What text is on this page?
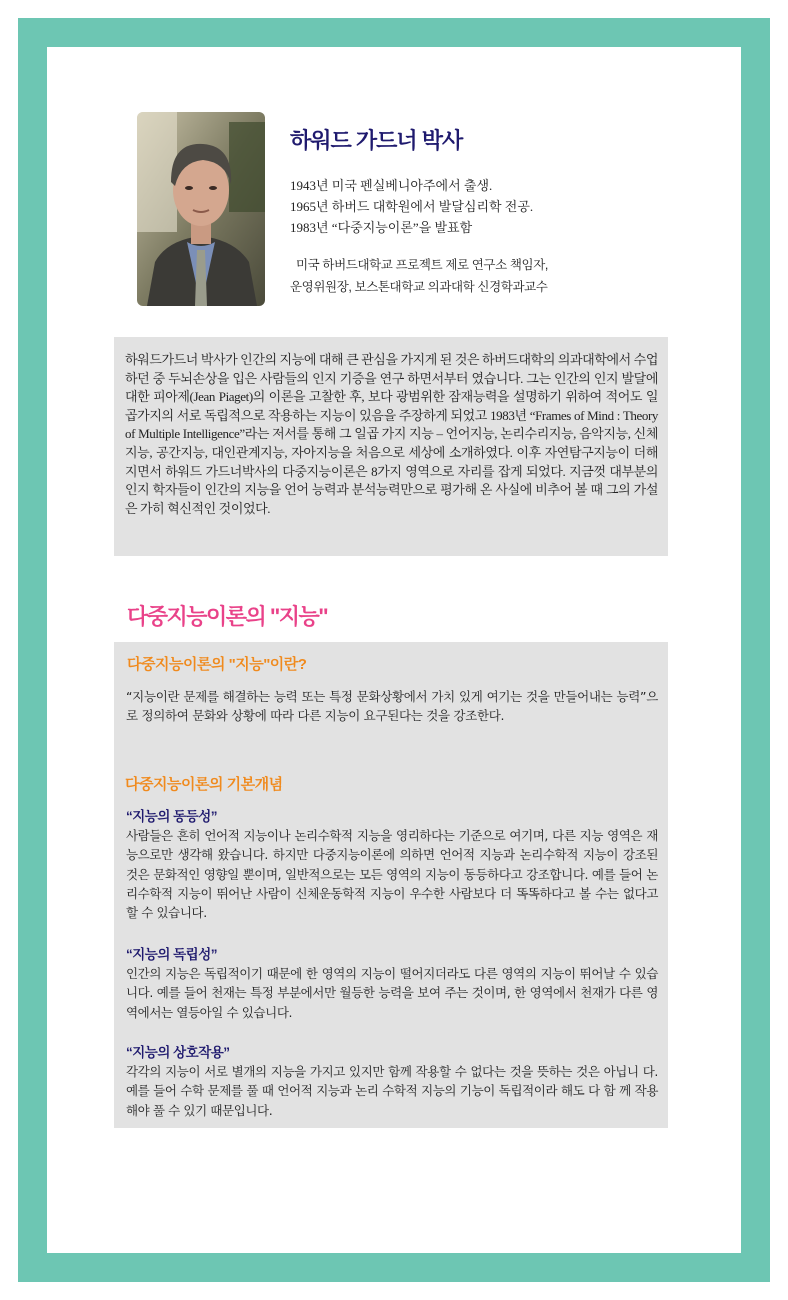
하워드 가드너 박사
1943년 미국 펜실베니아주에서 출생.
1965년 하버드 대학원에서 발달심리학 전공.
1983년 “다중지능이론”을 발표함
미국 하버드대학교 프로젝트 제로 연구소 책임자,
운영위원장, 보스톤대학교 의과대학 신경학과교수

하워드가드너 박사가 인간의 지능에 대해 큰 관심을 가지게 된 것은 하버드대학의 의과대학에서 수업하던 중 두뇌손상을 입은 사람들의 인지 기증을 연구 하면서부터 였습니다. 그는 인간의 인지 발달에 대한 피아제(Jean Piaget)의 이론을 고찰한 후, 보다 광범위한 잠재능력을 설명하기 위하여 적어도 일곱가지의 서로 독립적으로 작용하는 지능이 있음을 주장하게 되었고 1983년 “Frames of Mind : Theory of Multiple Intelligence”라는 저서를 통해 그 일곱 가지 지능 – 언어지능, 논리수리지능, 음악지능, 신체지능, 공간지능, 대인관계지능, 자아지능을 처음으로 세상에 소개하였다. 이후 자연탐구지능이 더해지면서 하워드 가드너박사의 다중지능이론은 8가지 영역으로 자리를 잡게 되었다. 지금껏 대부분의 인지 학자들이 인간의 지능을 언어 능력과 분석능력만으로 평가해 온 사실에 비추어 볼 때 그의 가설은 가히 혁신적인 것이었다.

다중지능이론의 "지능"
다중지능이론의 "지능"이란?

“지능이란 문제를 해결하는 능력 또는 특정 문화상황에서 가치 있게 여기는 것을 만들어내는 능력”으로 정의하여 문화와 상황에 따라 다른 지능이 요구된다는 것을 강조한다.

다중지능이론의 기본개념
“지능의 동등성”

사람들은 흔히 언어적 지능이나 논리수학적 지능을 영리하다는 기준으로 여기며, 다른 지능 영역은 재능으로만 생각해 왔습니다. 하지만 다중지능이론에 의하면 언어적 지능과 논리수학적 지능이 강조된 것은 문화적인 영향일 뿐이며, 일반적으로는 모든 영역의 지능이 동등하다고 강조합니다. 예를 들어 논리수학적 지능이 뛰어난 사람이 신체운동학적 지능이 우수한 사람보다 더 똑똑하다고 볼 수는 없다고 할 수 있습니다.

“지능의 독립성”

인간의 지능은 독립적이기 때문에 한 영역의 지능이 떨어지더라도 다른 영역의 지능이 뛰어날 수 있습니다. 예를 들어 천재는 특정 부분에서만 월등한 능력을 보여 주는 것이며, 한 영역에서 천재가 다른 영역에서는 열등아일 수 있습니다.

“지능의 상호작용”

각각의 지능이 서로 별개의 지능을 가지고 있지만 함께 작용할 수 없다는 것을 뜻하는 것은 아닙니 다. 예를 들어 수학 문제를 풀 때 언어적 지능과 논리 수학적 지능의 기능이 독립적이라 해도 다 함 께 작용해야 풀 수 있기 때문입니다.
